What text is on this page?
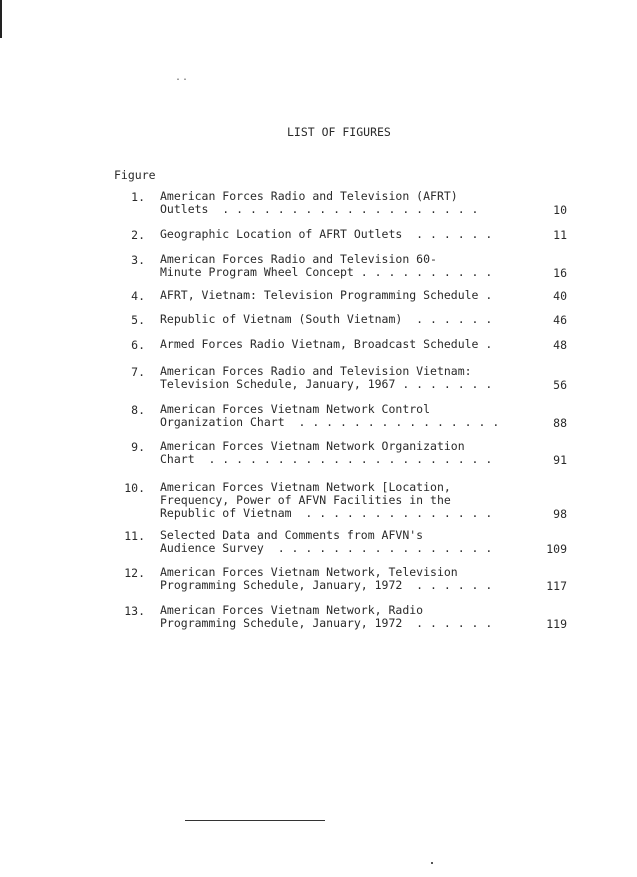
..
LIST OF FIGURES
Figure
1. American Forces Radio and Television (AFRT)
Outlets  . . . . . . . . . . . . . . . . . . .	10
2. Geographic Location of AFRT Outlets  . . . . . .	11
3. American Forces Radio and Television 60-
Minute Program Wheel Concept . . . . . . . . . .	16
4. AFRT, Vietnam: Television Programming Schedule .	40
5. Republic of Vietnam (South Vietnam)  . . . . . .	46
6. Armed Forces Radio Vietnam, Broadcast Schedule .	48
7. American Forces Radio and Television Vietnam:
Television Schedule, January, 1967 . . . . . . .	56
8. American Forces Vietnam Network Control
Organization Chart  . . . . . . . . . . . . . . .	88
9. American Forces Vietnam Network Organization
Chart  . . . . . . . . . . . . . . . . . . . . .	91
10. American Forces Vietnam Network [Location,
Frequency, Power of AFVN Facilities in the
Republic of Vietnam  . . . . . . . . . . . . . .	98
11. Selected Data and Comments from AFVN's
Audience Survey  . . . . . . . . . . . . . . . .	109
12. American Forces Vietnam Network, Television
Programming Schedule, January, 1972  . . . . . .	117
13. American Forces Vietnam Network, Radio
Programming Schedule, January, 1972  . . . . . .	119
